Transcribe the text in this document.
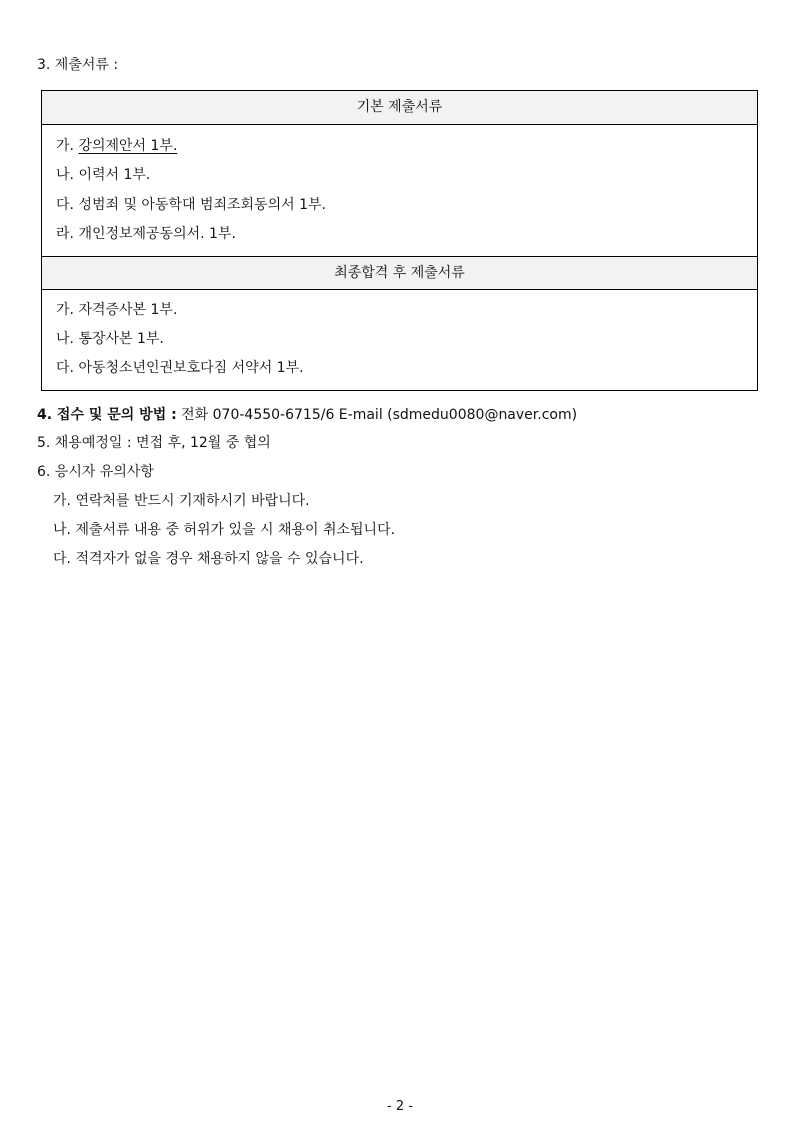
3. 제출서류 :
기본 제출서류
가. 강의제안서 1부.
나. 이력서 1부.
다. 성범죄 및 아동학대 범죄조회동의서 1부.
라. 개인정보제공동의서. 1부.
최종합격 후 제출서류
가. 자격증사본 1부.
나. 통장사본 1부.
다. 아동청소년인권보호다짐 서약서 1부.
4. 접수 및 문의 방법 : 전화 070-4550-6715/6 E-mail (sdmedu0080@naver.com)
5. 채용예정일 : 면접 후, 12월 중 협의
6. 응시자 유의사항
가. 연락처를 반드시 기재하시기 바랍니다.
나. 제출서류 내용 중 허위가 있을 시 채용이 취소됩니다.
다. 적격자가 없을 경우 채용하지 않을 수 있습니다.
- 2 -
